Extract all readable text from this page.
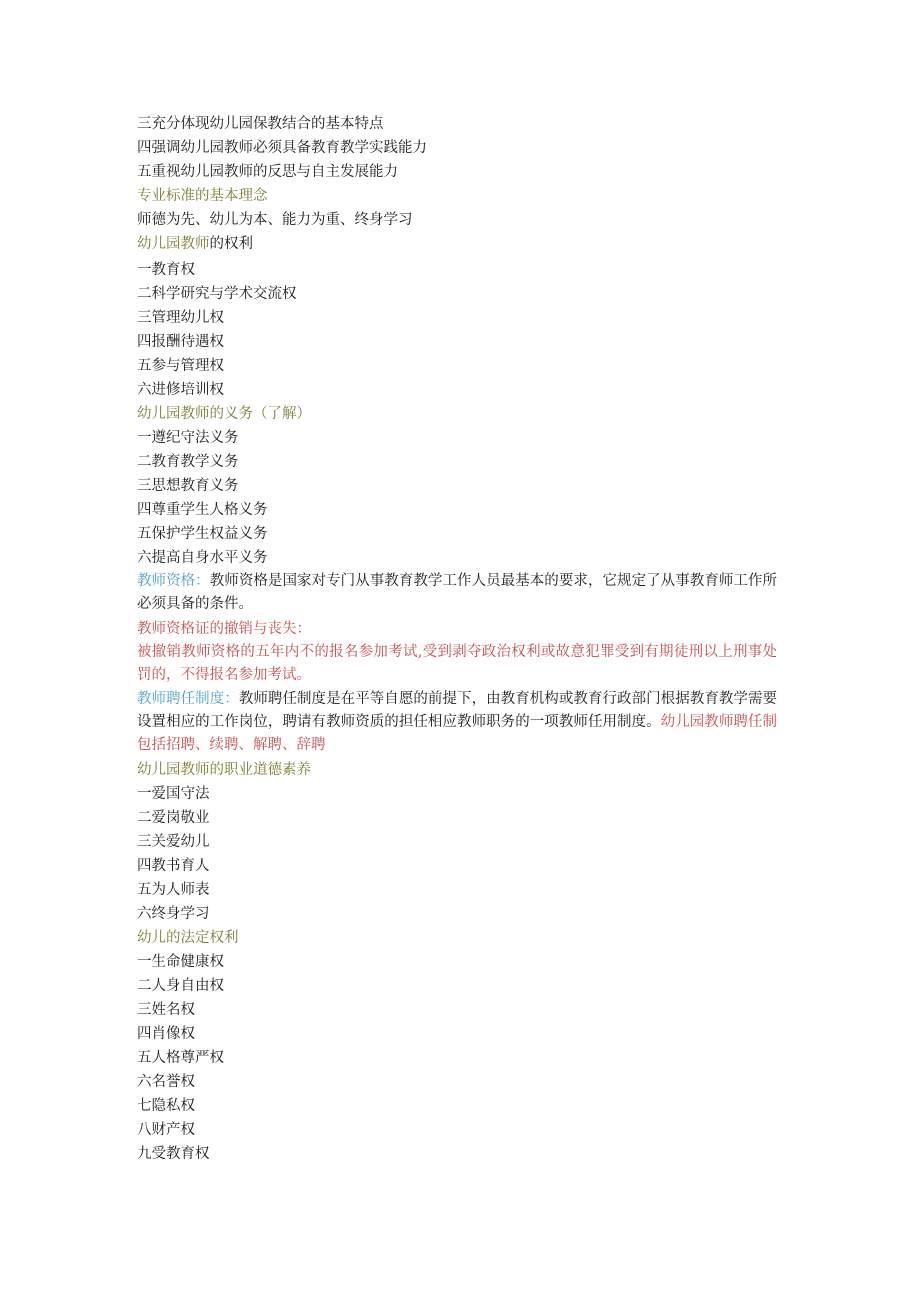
三充分体现幼儿园保教结合的基本特点

四强调幼儿园教师必须具备教育教学实践能力

五重视幼儿园教师的反思与自主发展能力

专业标准的基本理念

师德为先、幼儿为本、能力为重、终身学习

幼儿园教师的权利

一教育权

二科学研究与学术交流权

三管理幼儿权

四报酬待遇权

五参与管理权

六进修培训权

幼儿园教师的义务（了解）

一遵纪守法义务

二教育教学义务

三思想教育义务

四尊重学生人格义务

五保护学生权益义务

六提高自身水平义务

教师资格：教师资格是国家对专门从事教育教学工作人员最基本的要求，它规定了从事教育师工作所必须具备的条件。

教师资格证的撤销与丧失：

被撤销教师资格的五年内不的报名参加考试,受到剥夺政治权利或故意犯罪受到有期徒刑以上刑事处罚的，不得报名参加考试。

教师聘任制度：教师聘任制度是在平等自愿的前提下，由教育机构或教育行政部门根据教育教学需要设置相应的工作岗位，聘请有教师资质的担任相应教师职务的一项教师任用制度。幼儿园教师聘任制包括招聘、续聘、解聘、辞聘

幼儿园教师的职业道德素养

一爱国守法

二爱岗敬业

三关爱幼儿

四教书育人

五为人师表

六终身学习

幼儿的法定权利

一生命健康权

二人身自由权

三姓名权

四肖像权

五人格尊严权

六名誉权

七隐私权

八财产权

九受教育权
